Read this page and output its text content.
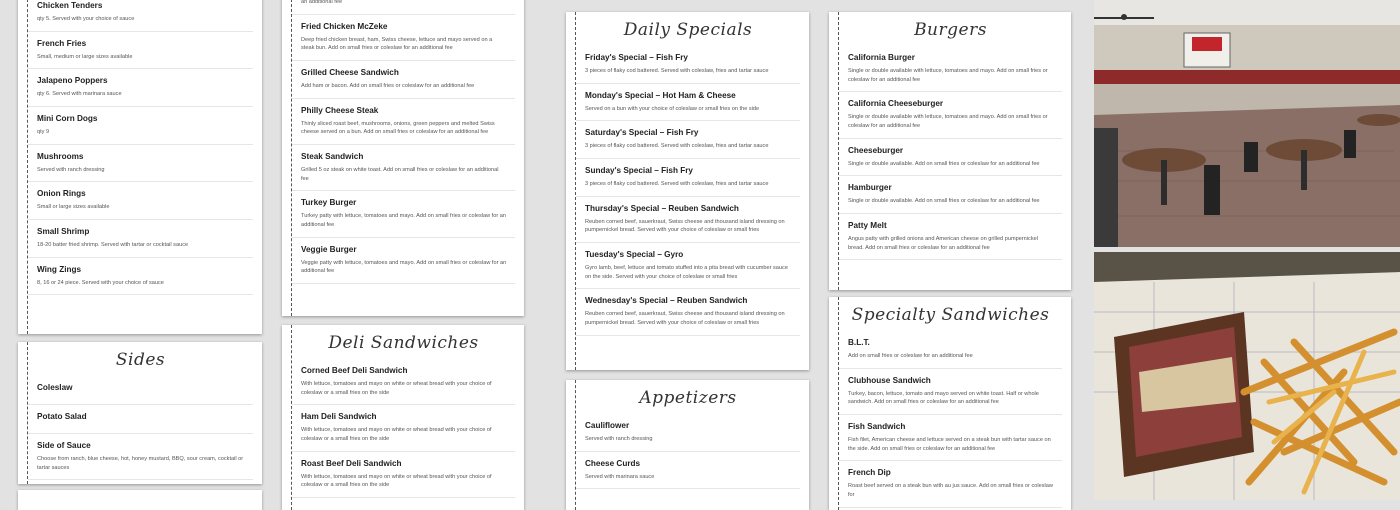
Chicken Tenders
qty 5. Served with your choice of sauce
French Fries
Small, medium or large sizes available
Jalapeno Poppers
qty 6. Served with marinara sauce
Mini Corn Dogs
qty 9
Mushrooms
Served with ranch dressing
Onion Rings
Small or large sizes available
Small Shrimp
18-20 batter fried shrimp. Served with tartar or cocktail sauce
Wing Zings
8, 16 or 24 piece. Served with your choice of sauce
Sides
Coleslaw
Potato Salad
Side of Sauce
Choose from ranch, blue cheese, hot, honey mustard, BBQ, sour cream, cocktail or tartar sauces
an additional fee
Fried Chicken McZeke
Deep fried chicken breast, ham, Swiss cheese, lettuce and mayo served on a steak bun. Add on small fries or coleslaw for an additional fee
Grilled Cheese Sandwich
Add ham or bacon. Add on small fries or coleslaw for an additional fee
Philly Cheese Steak
Thinly sliced roast beef, mushrooms, onions, green peppers and melted Swiss cheese served on a bun. Add on small fries or coleslaw for an additional fee
Steak Sandwich
Grilled 5 oz steak on white toast. Add on small fries or coleslaw for an additional fee
Turkey Burger
Turkey patty with lettuce, tomatoes and mayo. Add on small fries or coleslaw for an additional fee
Veggie Burger
Veggie patty with lettuce, tomatoes and mayo. Add on small fries or coleslaw for an additional fee
Deli Sandwiches
Corned Beef Deli Sandwich
With lettuce, tomatoes and mayo on white or wheat bread with your choice of coleslaw or a small fries on the side
Ham Deli Sandwich
With lettuce, tomatoes and mayo on white or wheat bread with your choice of coleslaw or a small fries on the side
Roast Beef Deli Sandwich
With lettuce, tomatoes and mayo on white or wheat bread with your choice of coleslaw or a small fries on the side
Daily Specials
Friday's Special – Fish Fry
3 pieces of flaky cod battered. Served with coleslaw, fries and tartar sauce
Monday's Special – Hot Ham & Cheese
Served on a bun with your choice of coleslaw or small fries on the side
Saturday's Special – Fish Fry
3 pieces of flaky cod battered. Served with coleslaw, fries and tartar sauce
Sunday's Special – Fish Fry
3 pieces of flaky cod battered. Served with coleslaw, fries and tartar sauce
Thursday's Special – Reuben Sandwich
Reuben corned beef, sauerkraut, Swiss cheese and thousand island dressing on pumpernickel bread. Served with your choice of coleslaw or small fries
Tuesday's Special – Gyro
Gyro lamb, beef, lettuce and tomato stuffed into a pita bread with cucumber sauce on the side. Served with your choice of coleslaw or small fries
Wednesday's Special – Reuben Sandwich
Reuben corned beef, sauerkraut, Swiss cheese and thousand island dressing on pumpernickel bread. Served with your choice of coleslaw or small fries
Appetizers
Cauliflower
Served with ranch dressing
Cheese Curds
Served with marinara sauce
Burgers
California Burger
Single or double available with lettuce, tomatoes and mayo. Add on small fries or coleslaw for an additional fee
California Cheeseburger
Single or double available with lettuce, tomatoes and mayo. Add on small fries or coleslaw for an additional fee
Cheeseburger
Single or double available. Add on small fries or coleslaw for an additional fee
Hamburger
Single or double available. Add on small fries or coleslaw for an additional fee
Patty Melt
Angus patty with grilled onions and American cheese on grilled pumpernickel bread. Add on small fries or coleslaw for an additional fee
Specialty Sandwiches
B.L.T.
Add on small fries or coleslaw for an additional fee
Clubhouse Sandwich
Turkey, bacon, lettuce, tomato and mayo served on white toast. Half or whole sandwich. Add on small fries or coleslaw for an additional fee
Fish Sandwich
Fish filet, American cheese and lettuce served on a steak bun with tartar sauce on the side. Add on small fries or coleslaw for an additional fee
French Dip
Roast beef served on a steak bun with au jus sauce. Add on small fries or coleslaw for
